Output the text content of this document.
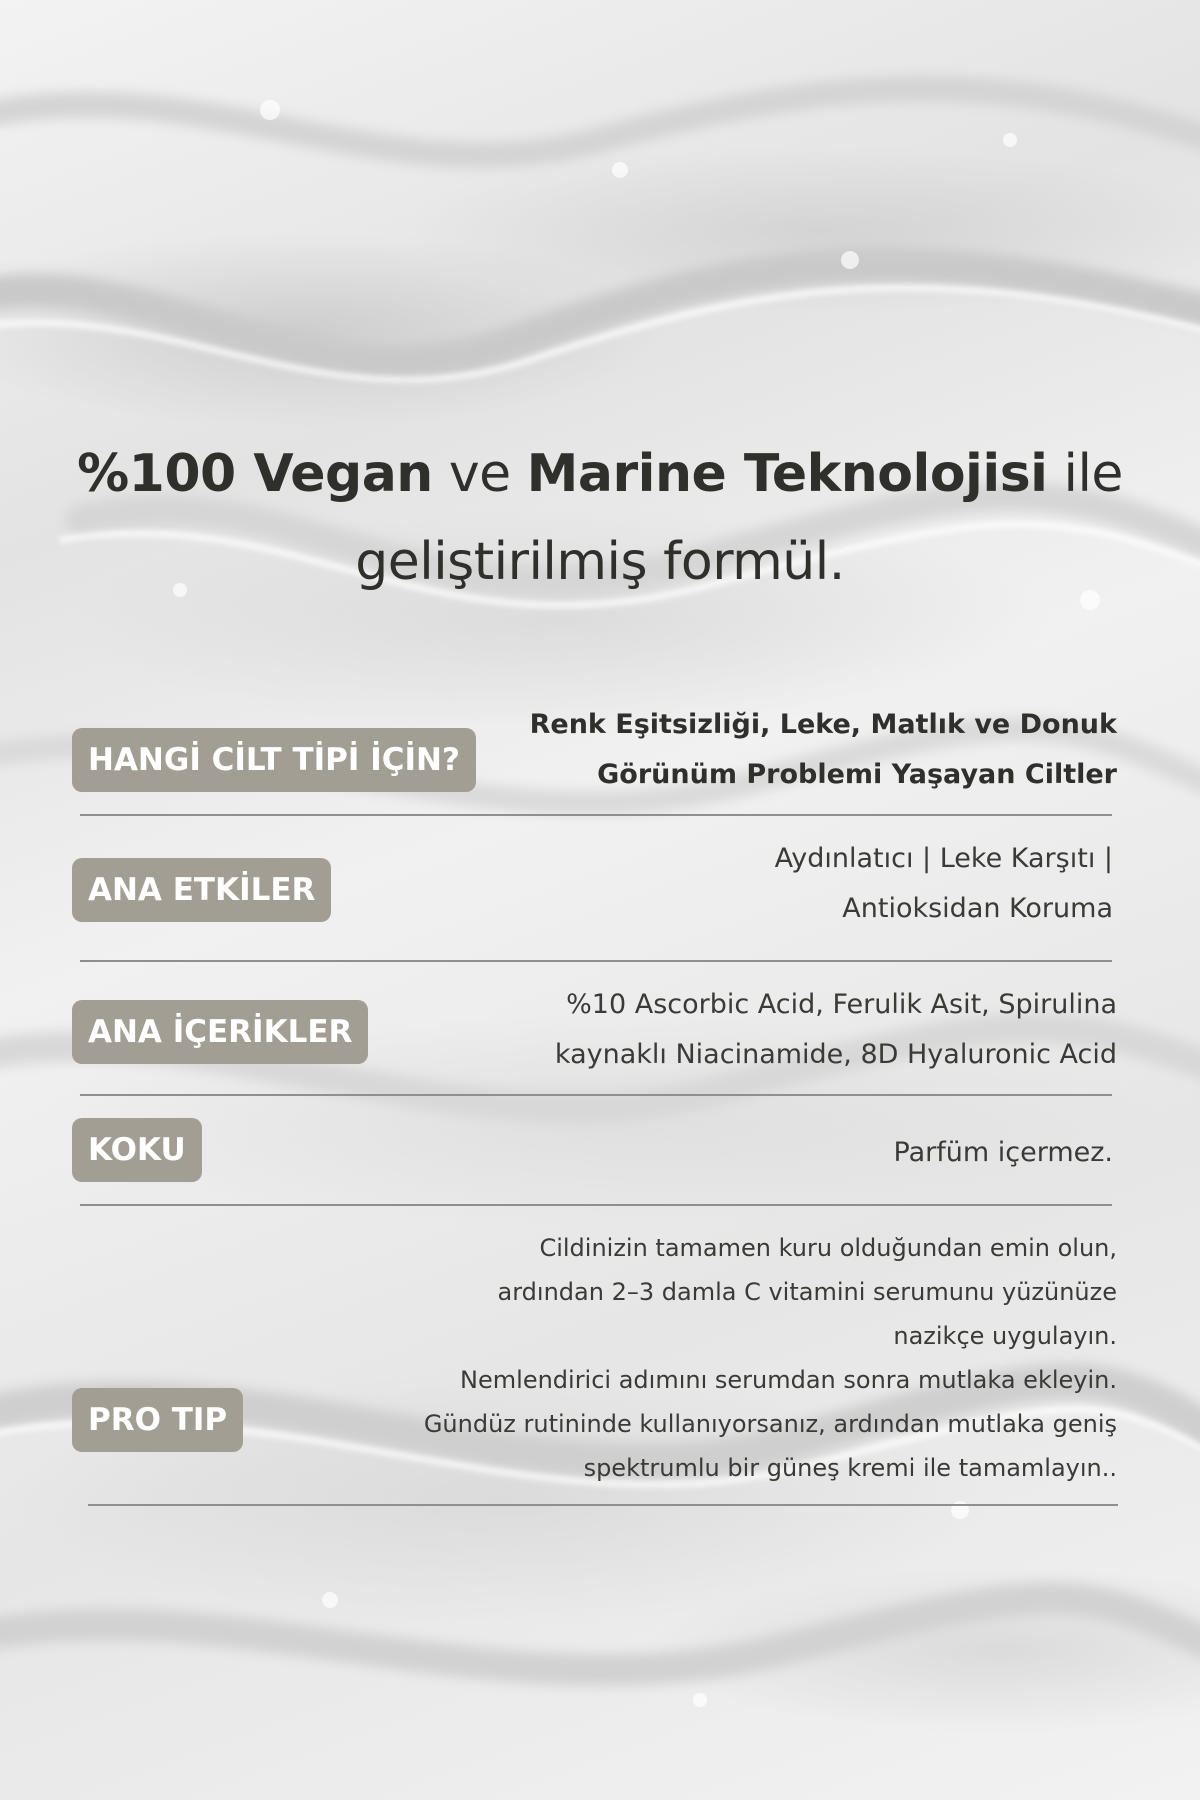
%100 Vegan ve Marine Teknolojisi ile
geliştirilmiş formül.
HANGİ CİLT TİPİ İÇİN?
Renk Eşitsizliği, Leke, Matlık ve Donuk
Görünüm Problemi Yaşayan Ciltler
ANA ETKİLER
Aydınlatıcı | Leke Karşıtı |
Antioksidan Koruma
ANA İÇERİKLER
%10 Ascorbic Acid, Ferulik Asit, Spirulina
kaynaklı Niacinamide, 8D Hyaluronic Acid
KOKU	Parfüm içermez.
PRO TIP
Cildinizin tamamen kuru olduğundan emin olun,
ardından 2–3 damla C vitamini serumunu yüzünüze
nazikçe uygulayın.
Nemlendirici adımını serumdan sonra mutlaka ekleyin.
Gündüz rutininde kullanıyorsanız, ardından mutlaka geniş
spektrumlu bir güneş kremi ile tamamlayın..
